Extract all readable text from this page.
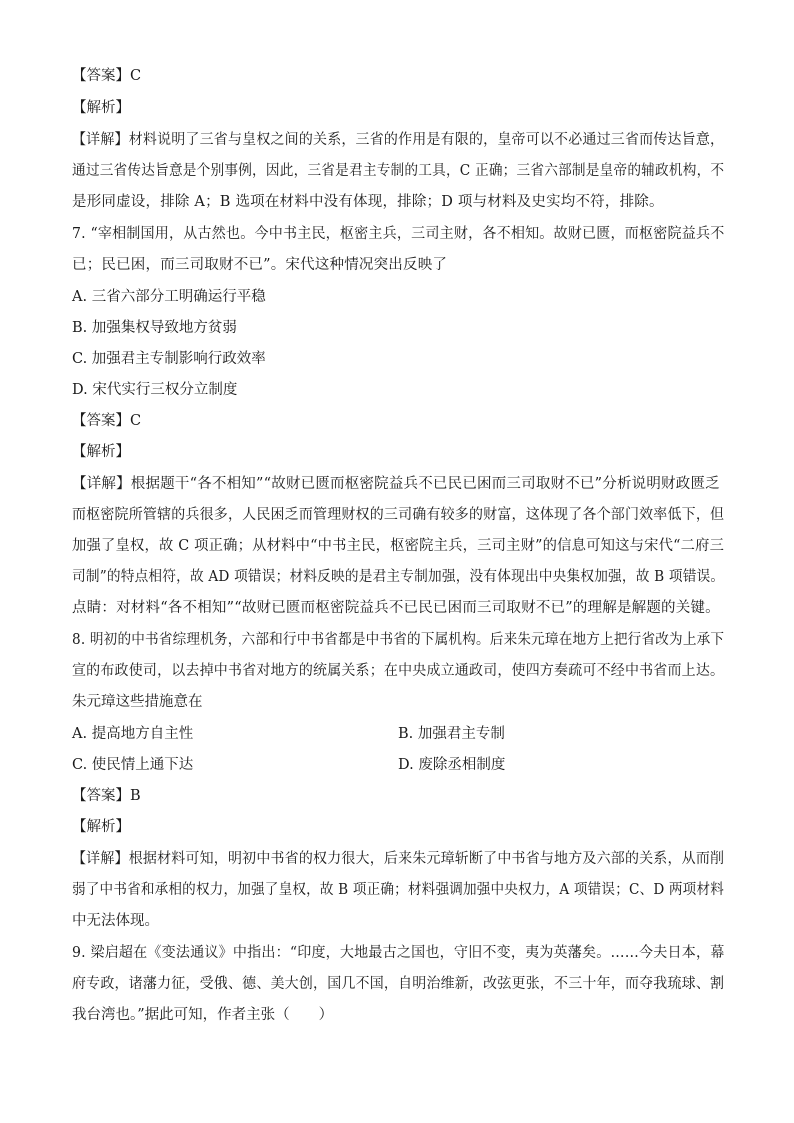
【答案】C
【解析】
【详解】材料说明了三省与皇权之间的关系，三省的作用是有限的，皇帝可以不必通过三省而传达旨意，
通过三省传达旨意是个别事例，因此，三省是君主专制的工具，C 正确；三省六部制是皇帝的辅政机构，不
是形同虚设，排除 A；B 选项在材料中没有体现，排除；D 项与材料及史实均不符，排除。
7. “宰相制国用，从古然也。今中书主民，枢密主兵，三司主财，各不相知。故财已匮，而枢密院益兵不
已；民已困，而三司取财不已”。宋代这种情况突出反映了
A. 三省六部分工明确运行平稳
B. 加强集权导致地方贫弱
C. 加强君主专制影响行政效率
D. 宋代实行三权分立制度
【答案】C
【解析】
【详解】根据题干“各不相知”“故财已匮而枢密院益兵不已民已困而三司取财不已”分析说明财政匮乏
而枢密院所管辖的兵很多，人民困乏而管理财权的三司确有较多的财富，这体现了各个部门效率低下，但
加强了皇权，故 C 项正确；从材料中“中书主民，枢密院主兵，三司主财”的信息可知这与宋代“二府三
司制”的特点相符，故 AD 项错误；材料反映的是君主专制加强，没有体现出中央集权加强，故 B 项错误。
点睛：对材料“各不相知”“故财已匮而枢密院益兵不已民已困而三司取财不已”的理解是解题的关键。
8. 明初的中书省综理机务，六部和行中书省都是中书省的下属机构。后来朱元璋在地方上把行省改为上承下
宣的布政使司，以去掉中书省对地方的统属关系；在中央成立通政司，使四方奏疏可不经中书省而上达。
朱元璋这些措施意在
A. 提高地方自主性	B. 加强君主专制
C. 使民情上通下达	D. 废除丞相制度
【答案】B
【解析】
【详解】根据材料可知，明初中书省的权力很大，后来朱元璋斩断了中书省与地方及六部的关系，从而削
弱了中书省和承相的权力，加强了皇权，故 B 项正确；材料强调加强中央权力，A 项错误；C、D 两项材料
中无法体现。
9. 梁启超在《变法通议》中指出：“印度，大地最古之国也，守旧不变，夷为英藩矣。……今夫日本，幕
府专政，诸藩力征，受俄、德、美大创，国几不国，自明治维新，改弦更张，不三十年，而夺我琉球、割
我台湾也。”据此可知，作者主张（　　）
